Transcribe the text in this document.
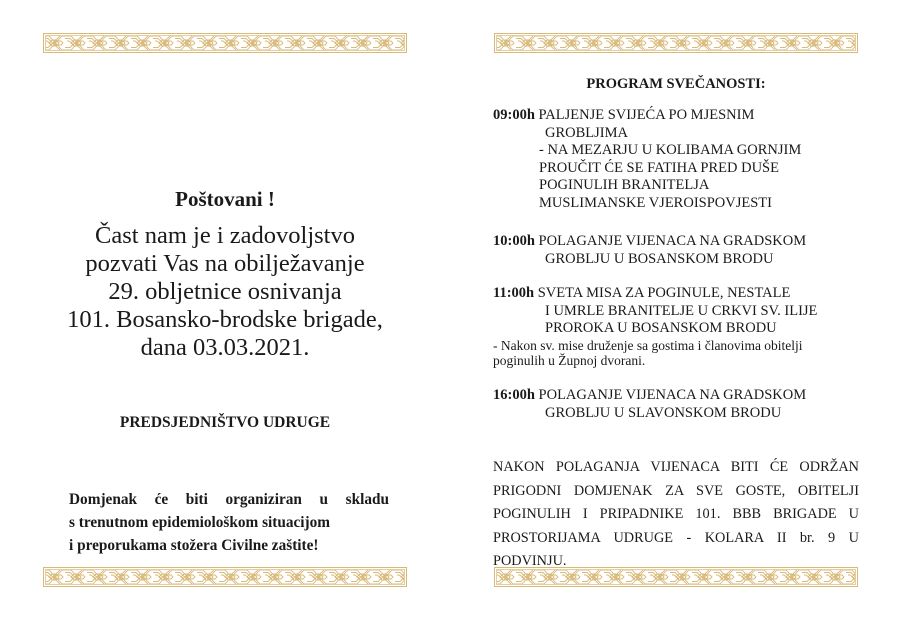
Poštovani !
Čast nam je i zadovoljstvo
pozvati Vas na obilježavanje
29. obljetnice osnivanja
101. Bosansko-brodske brigade,
dana 03.03.2021.
PREDSJEDNIŠTVO UDRUGE
Domjenak će biti organiziran u skladu
s trenutnom epidemiološkom situacijom
i preporukama stožera Civilne zaštite!
PROGRAM SVEČANOSTI:
09:00h PALJENJE SVIJEĆA PO MJESNIM
GROBLJIMA
- NA MEZARJU U KOLIBAMA GORNJIM
PROUČIT ĆE SE FATIHA PRED DUŠE
POGINULIH BRANITELJA
MUSLIMANSKE VJEROISPOVJESTI
10:00h POLAGANJE VIJENACA NA GRADSKOM
GROBLJU U BOSANSKOM BRODU
11:00h SVETA MISA ZA POGINULE, NESTALE
I UMRLE BRANITELJE U CRKVI SV. ILIJE
PROROKA U BOSANSKOM BRODU
- Nakon sv. mise druženje sa gostima i članovima obitelji
poginulih u Župnoj dvorani.
16:00h POLAGANJE VIJENACA NA GRADSKOM
GROBLJU U SLAVONSKOM BRODU
NAKON POLAGANJA VIJENACA BITI ĆE ODRŽAN PRIGODNI DOMJENAK ZA SVE GOSTE, OBITELJI POGINULIH I PRIPADNIKE 101. BBB BRIGADE U PROSTORIJAMA UDRUGE - KOLARA II br. 9 U PODVINJU.
